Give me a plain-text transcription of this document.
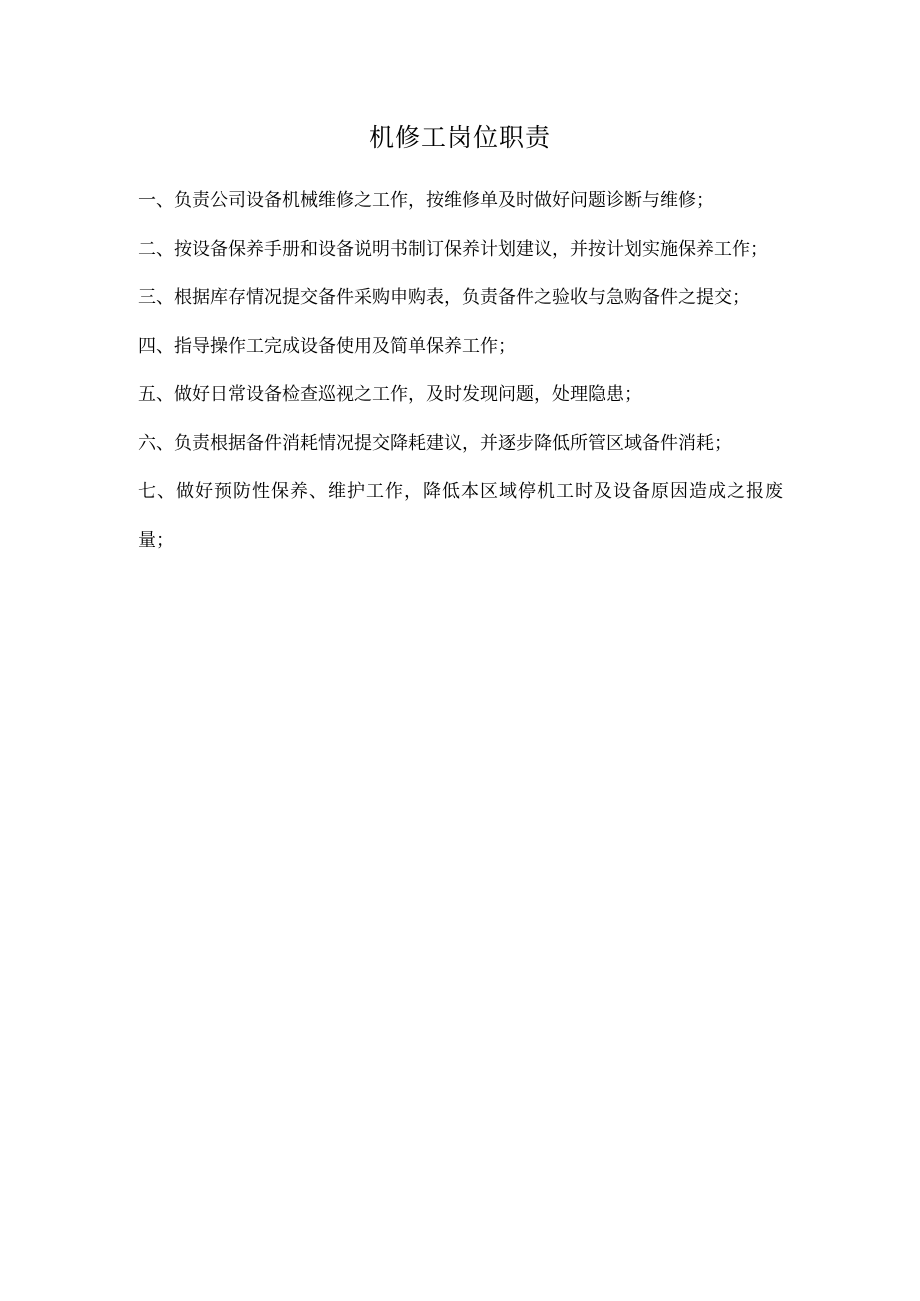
机修工岗位职责
一、负责公司设备机械维修之工作，按维修单及时做好问题诊断与维修；
二、按设备保养手册和设备说明书制订保养计划建议，并按计划实施保养工作；
三、根据库存情况提交备件采购申购表，负责备件之验收与急购备件之提交；
四、指导操作工完成设备使用及简单保养工作；
五、做好日常设备检查巡视之工作，及时发现问题，处理隐患；
六、负责根据备件消耗情况提交降耗建议，并逐步降低所管区域备件消耗；
七、做好预防性保养、维护工作，降低本区域停机工时及设备原因造成之报废量；
